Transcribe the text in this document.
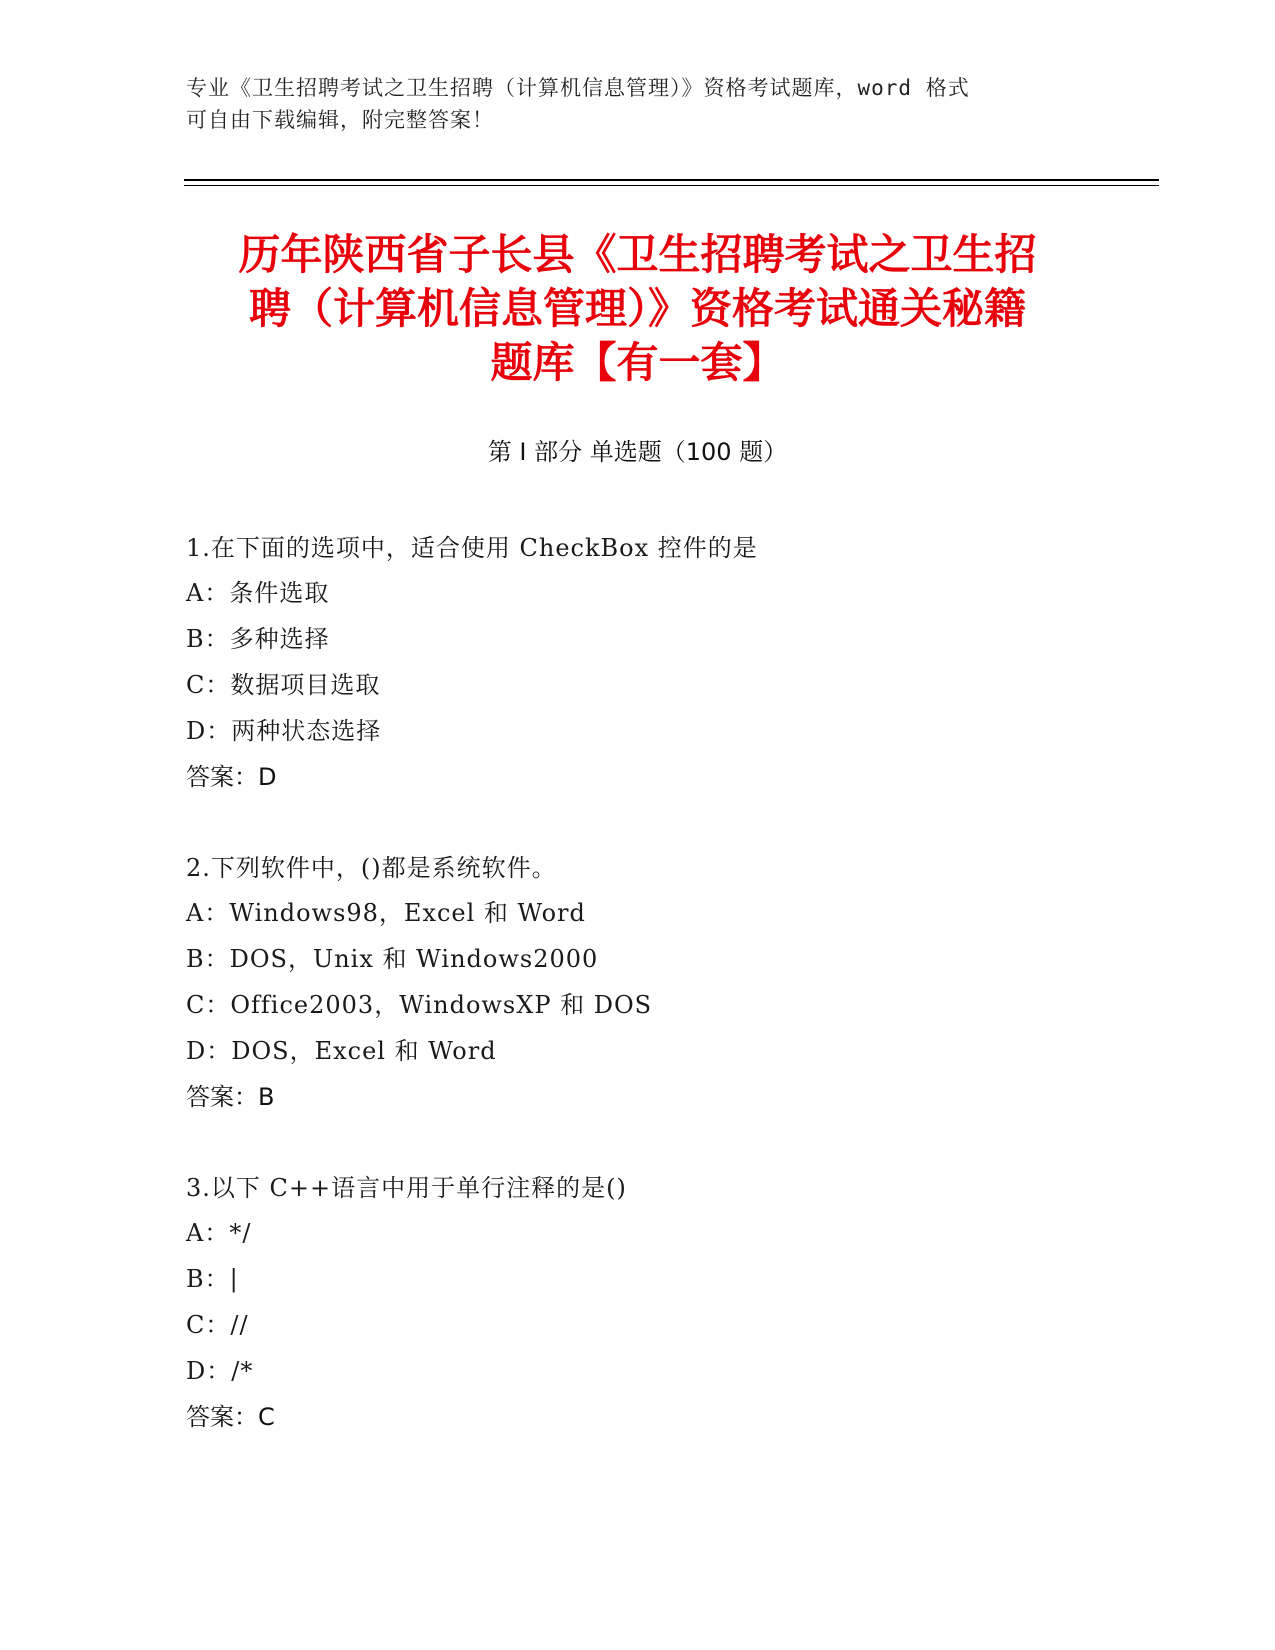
专业《卫生招聘考试之卫生招聘（计算机信息管理）》资格考试题库，word 格式
可自由下载编辑，附完整答案！
历年陕西省子长县《卫生招聘考试之卫生招
聘（计算机信息管理）》资格考试通关秘籍
题库【有一套】
第 I 部分 单选题（100 题）
1.在下面的选项中，适合使用 CheckBox 控件的是
A：条件选取
B：多种选择
C：数据项目选取
D：两种状态选择
答案：D
2.下列软件中，()都是系统软件。
A：Windows98，Excel 和 Word
B：DOS，Unix 和 Windows2000
C：Office2003，WindowsXP 和 DOS
D：DOS，Excel 和 Word
答案：B
3.以下 C++语言中用于单行注释的是()
A：*/
B：|
C：//
D：/*
答案：C
